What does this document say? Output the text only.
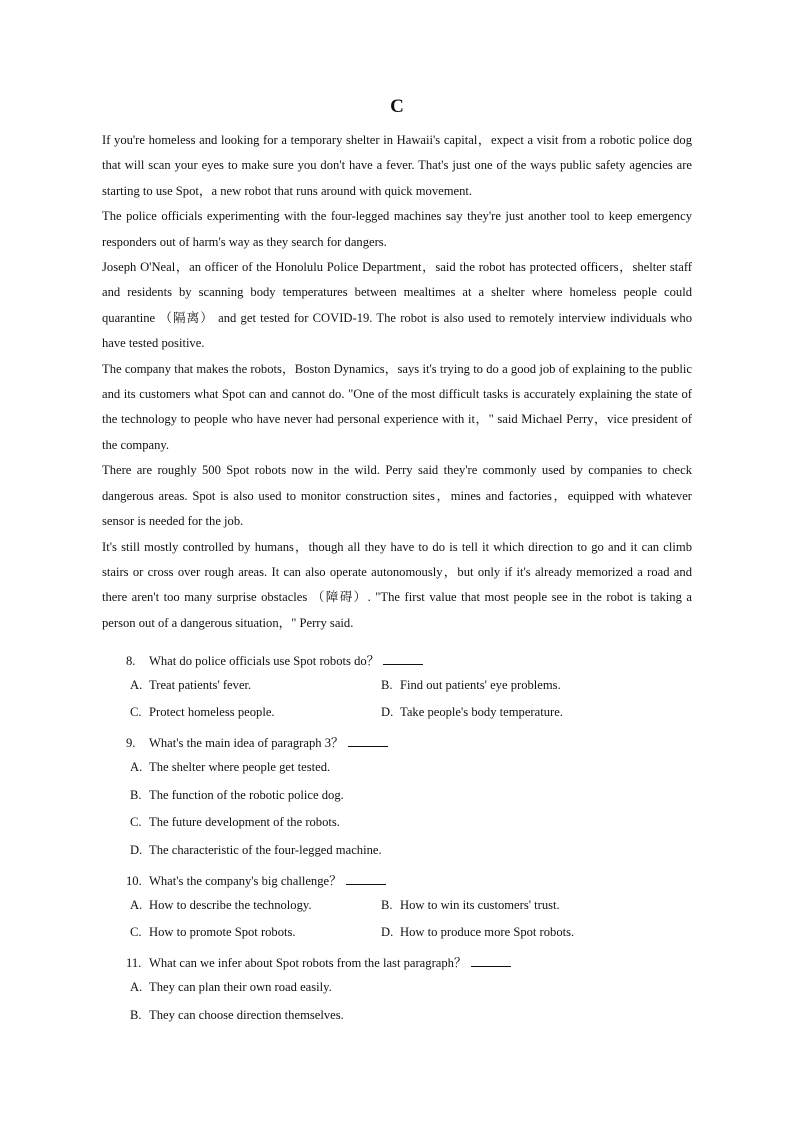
C

If you're homeless and looking for a temporary shelter in Hawaii's capital，expect a visit from a robotic police dog that will scan your eyes to make sure you don't have a fever. That's just one of the ways public safety agencies are starting to use Spot，a new robot that runs around with quick movement.

The police officials experimenting with the four-legged machines say they're just another tool to keep emergency responders out of harm's way as they search for dangers.

Joseph O'Neal，an officer of the Honolulu Police Department，said the robot has protected officers，shelter staff and residents by scanning body temperatures between mealtimes at a shelter where homeless people could quarantine （隔离） and get tested for COVID-19. The robot is also used to remotely interview individuals who have tested positive.

The company that makes the robots，Boston Dynamics，says it's trying to do a good job of explaining to the public and its customers what Spot can and cannot do. "One of the most difficult tasks is accurately explaining the state of the technology to people who have never had personal experience with it，" said Michael Perry，vice president of the company.

There are roughly 500 Spot robots now in the wild. Perry said they're commonly used by companies to check dangerous areas. Spot is also used to monitor construction sites，mines and factories，equipped with whatever sensor is needed for the job.

It's still mostly controlled by humans，though all they have to do is tell it which direction to go and it can climb stairs or cross over rough areas. It can also operate autonomously，but only if it's already memorized a road and there aren't too many surprise obstacles （障碍）. "The first value that most people see in the robot is taking a person out of a dangerous situation，" Perry said.

8. What do police officials use Spot robots do？
A. Treat patients' fever.	B. Find out patients' eye problems.
C. Protect homeless people.	D. Take people's body temperature.
9. What's the main idea of paragraph 3？
A. The shelter where people get tested.
B. The function of the robotic police dog.
C. The future development of the robots.
D. The characteristic of the four-legged machine.
10. What's the company's big challenge？
A. How to describe the technology.	B. How to win its customers' trust.
C. How to promote Spot robots.	D. How to produce more Spot robots.
11. What can we infer about Spot robots from the last paragraph？
A. They can plan their own road easily.
B. They can choose direction themselves.
